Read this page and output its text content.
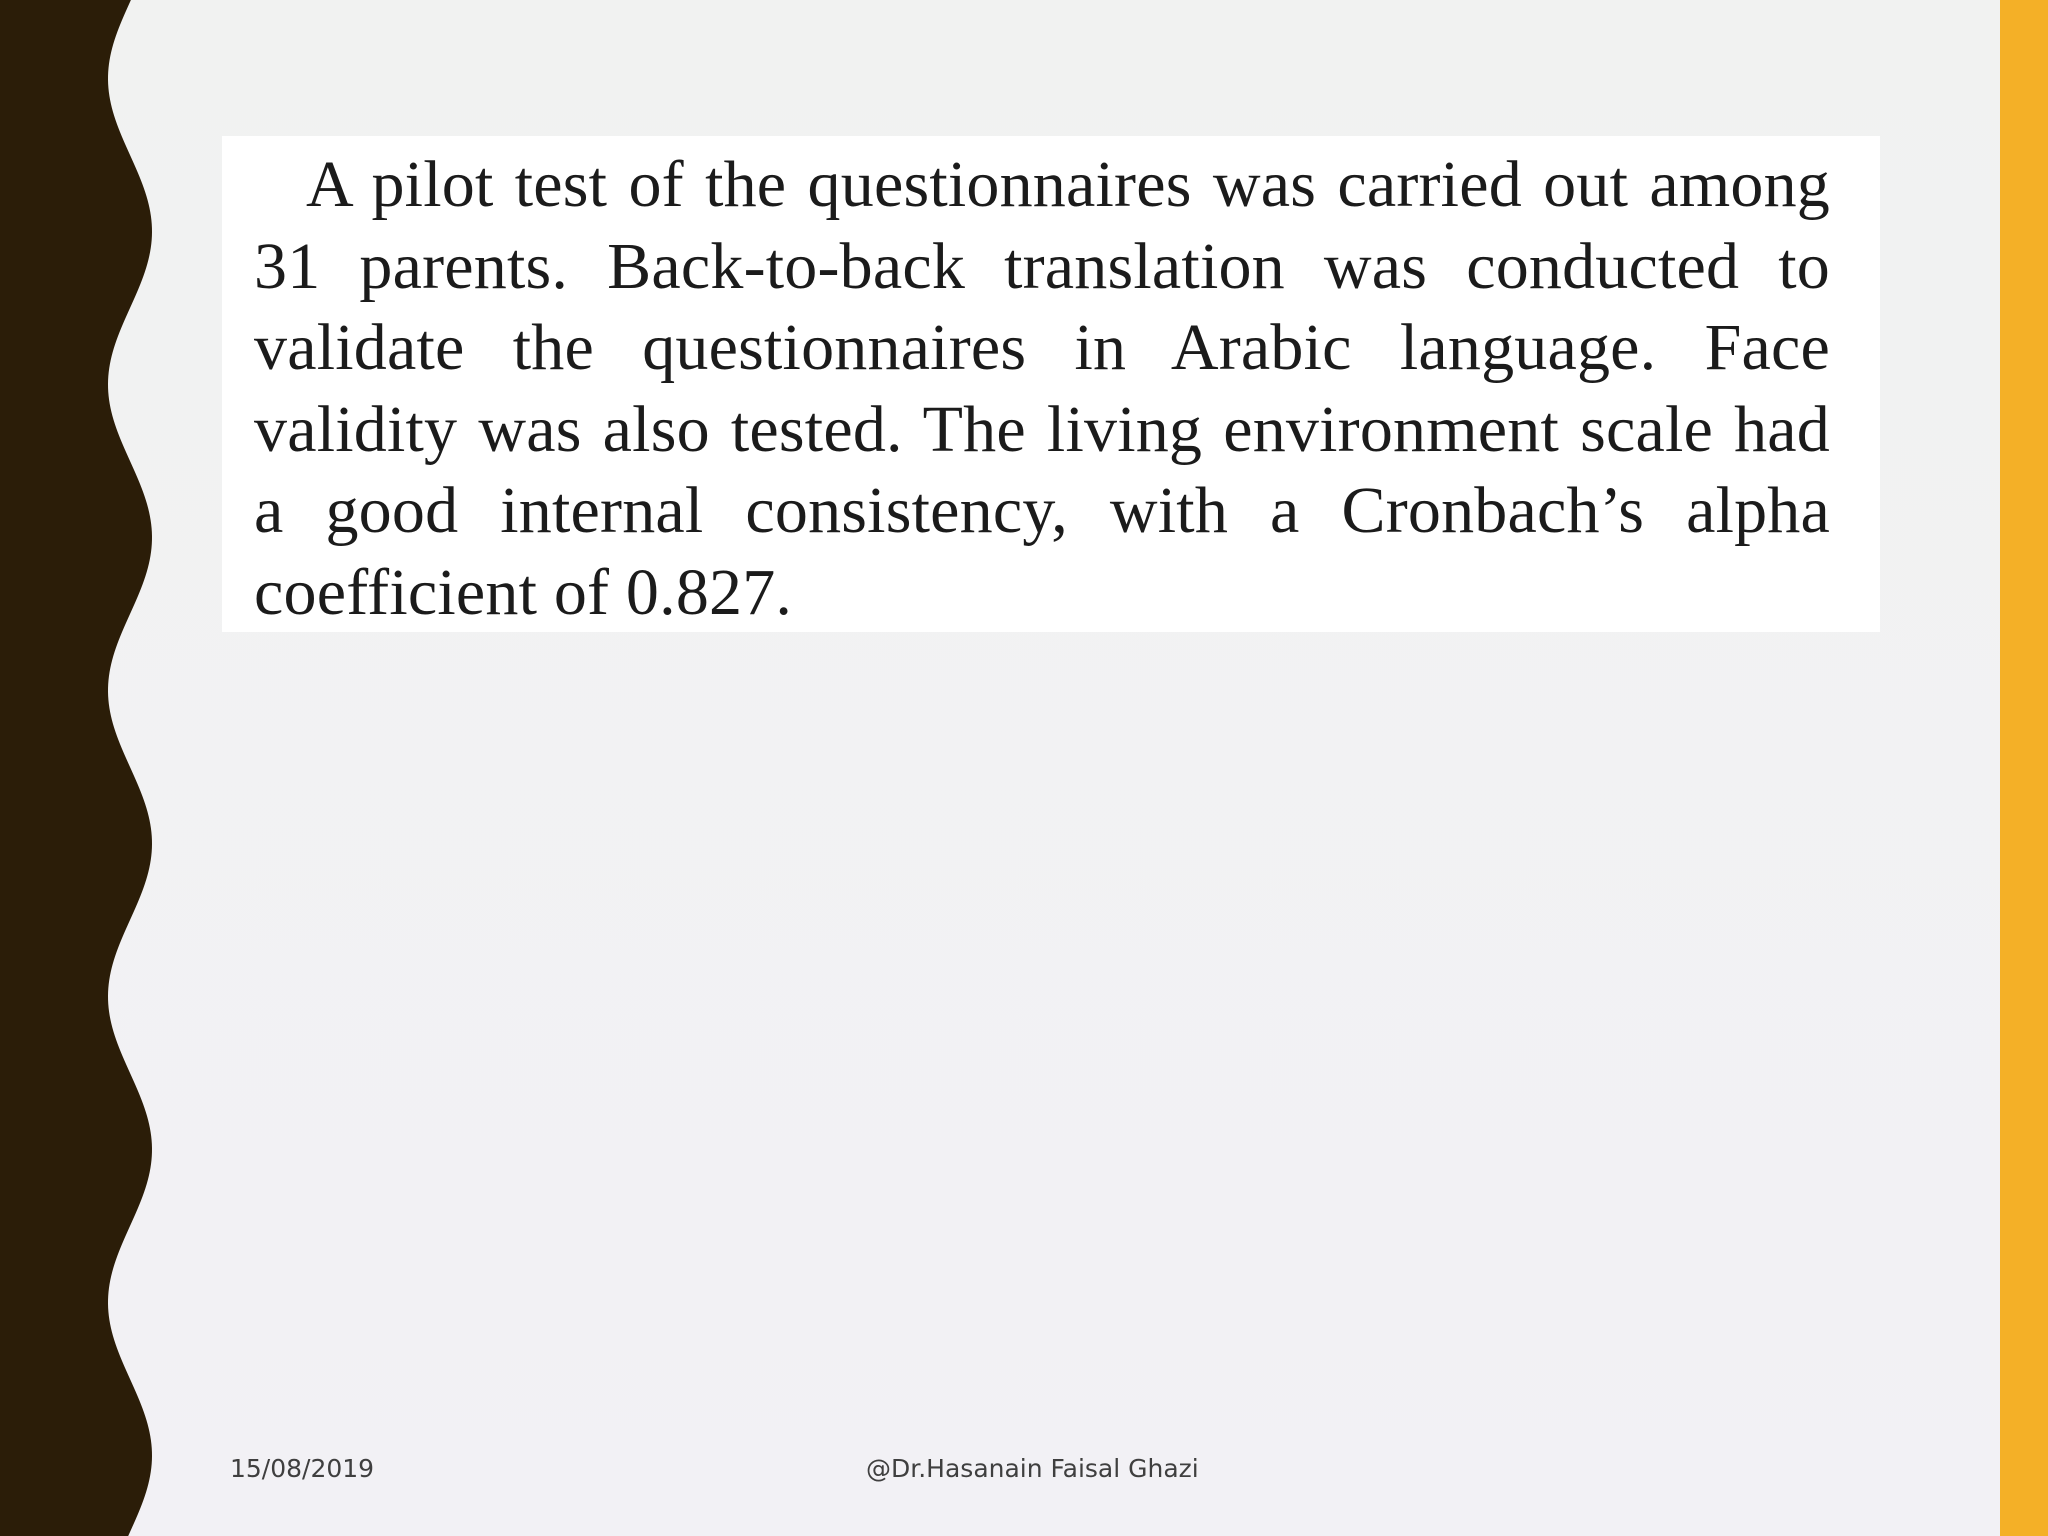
A pilot test of the questionnaires was carried out among 31 parents. Back-to-back translation was conducted to validate the questionnaires in Arabic language. Face validity was also tested. The living environment scale had a good internal consistency, with a Cronbach’s alpha coefficient of 0.827.

15/08/2019	@Dr.Hasanain Faisal Ghazi
